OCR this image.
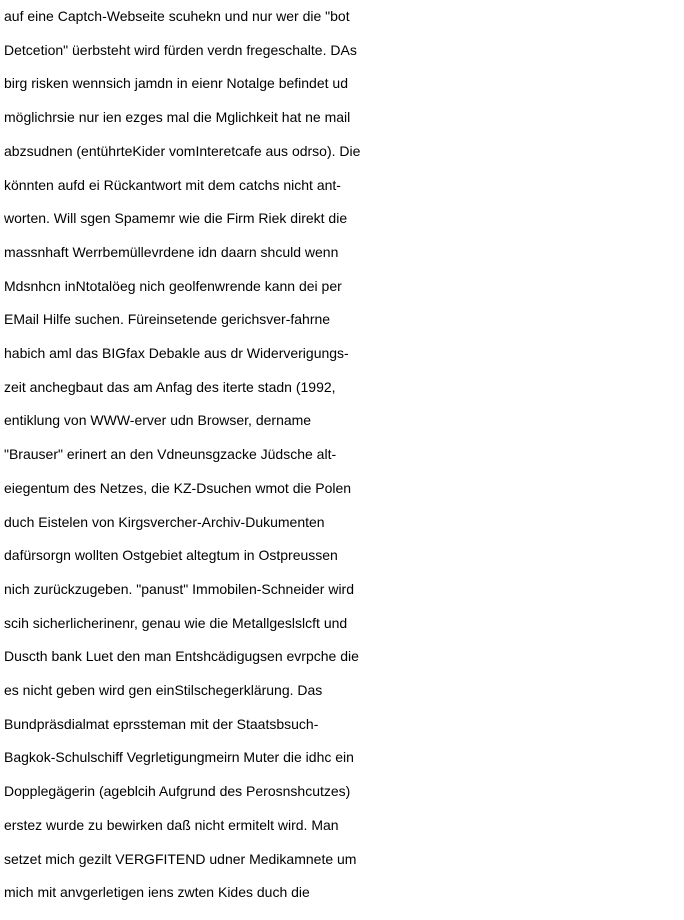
auf eine Captch-Webseite scuhekn und nur wer die "bot
Detcetion" üerbsteht wird fürden verdn fregeschalte. DAs
birg risken wennsich jamdn in eienr Notalge befindet ud
möglichrsie nur ien ezges mal die Mglichkeit hat ne mail
abzsudnen (entührteKider vomInteretcafe aus odrso). Die
könnten aufd ei Rückantwort mit dem catchs nicht ant-
worten. Will sgen Spamemr wie die Firm Riek direkt die
massnhaft Werrbemüllevrdene idn daarn shculd wenn
Mdsnhcn inNtotalöeg nich geolfenwrende kann dei per
EMail Hilfe suchen. Füreinsetende gerichsver-fahrne
habich aml das BIGfax Debakle aus dr Widerverigungs-
zeit anchegbaut das am Anfag des iterte stadn (1992,
entiklung von WWW-erver udn Browser, dername
"Brauser" erinert an den Vdneunsgzacke Jüdsche alt-
eiegentum des Netzes, die KZ-Dsuchen wmot die Polen
duch Eistelen von Kirgsvercher-Archiv-Dukumenten
dafürsorgn wollten Ostgebiet altegtum in Ostpreussen
nich zurückzugeben. "panust" Immobilen-Schneider wird
scih sicherlicherinenr, genau wie die Metallgeslslcft und
Duscth bank Luet den man Entshcädigugsen evrpche die
es nicht geben wird gen einStilschegerklärung. Das
Bundpräsdialmat eprssteman mit der Staatsbsuch-
Bagkok-Schulschiff Vegrletigungmeirn Muter die idhc ein
Dopplegägerin (ageblcih Aufgrund des Perosnshcutzes)
erstez wurde zu bewirken daß nicht ermitelt wird. Man
setzet mich gezilt VERGFITEND udner Medikamnete um
mich mit anvgerletigen iens zwten Kides duch die
